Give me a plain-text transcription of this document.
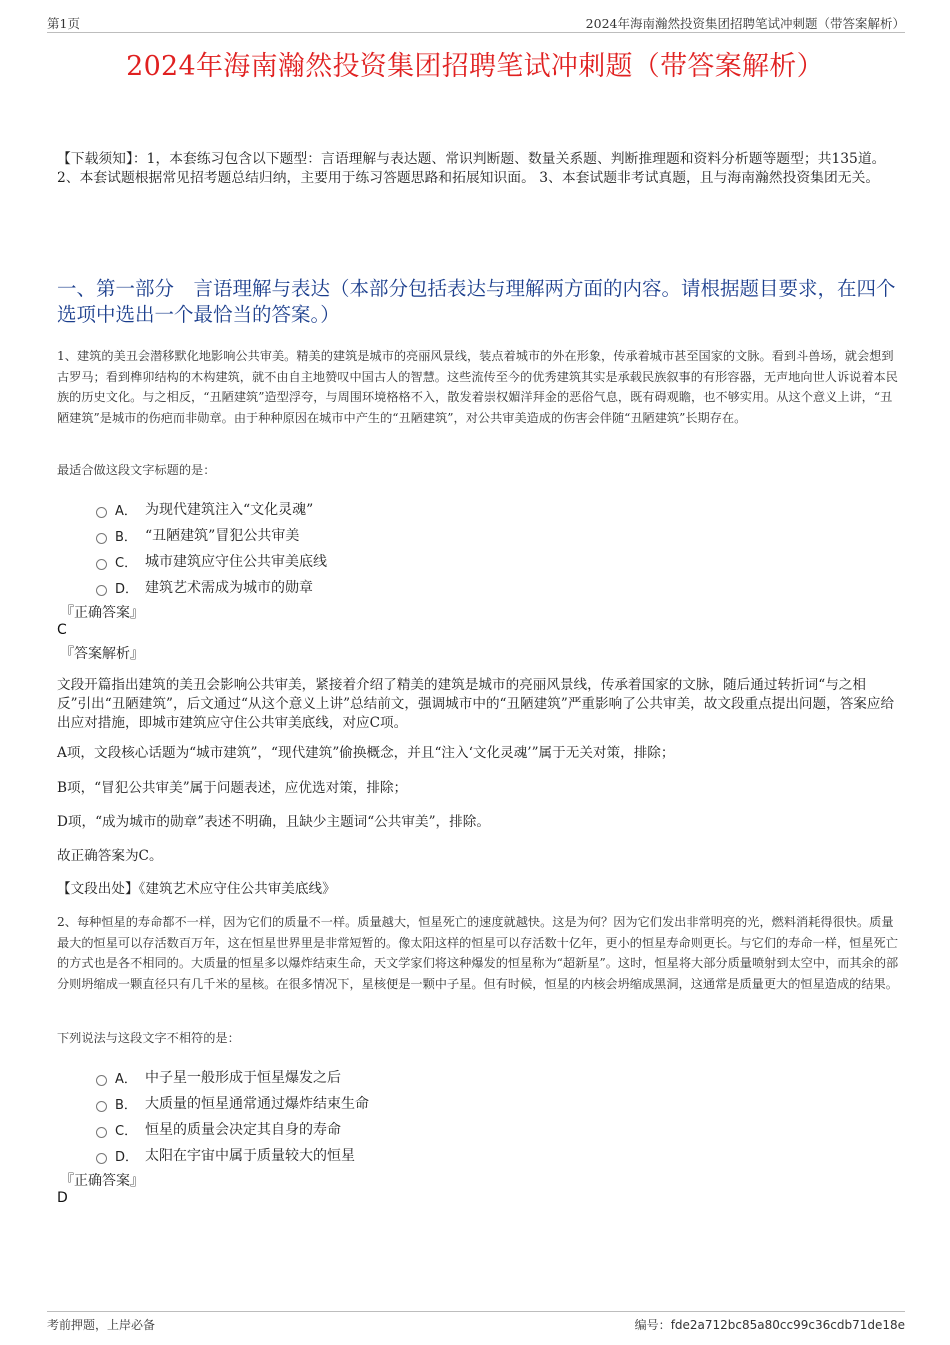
第1页	2024年海南瀚然投资集团招聘笔试冲刺题（带答案解析）
2024年海南瀚然投资集团招聘笔试冲刺题（带答案解析）
【下载须知】：1，本套练习包含以下题型：言语理解与表达题、常识判断题、数量关系题、判断推理题和资料分析题等题型；共135道。 2、本套试题根据常见招考题总结归纳，主要用于练习答题思路和拓展知识面。 3、本套试题非考试真题，且与海南瀚然投资集团无关。
一、第一部分　言语理解与表达（本部分包括表达与理解两方面的内容。请根据题目要求，在四个选项中选出一个最恰当的答案。）
1、建筑的美丑会潜移默化地影响公共审美。精美的建筑是城市的亮丽风景线，装点着城市的外在形象，传承着城市甚至国家的文脉。看到斗兽场，就会想到古罗马；看到榫卯结构的木构建筑，就不由自主地赞叹中国古人的智慧。这些流传至今的优秀建筑其实是承载民族叙事的有形容器，无声地向世人诉说着本民族的历史文化。与之相反，“丑陋建筑”造型浮夸，与周围环境格格不入，散发着崇权媚洋拜金的恶俗气息，既有碍观瞻，也不够实用。从这个意义上讲，“丑陋建筑”是城市的伤疤而非勋章。由于种种原因在城市中产生的“丑陋建筑”，对公共审美造成的伤害会伴随“丑陋建筑”长期存在。
最适合做这段文字标题的是：
A． 为现代建筑注入“文化灵魂”
B． “丑陋建筑”冒犯公共审美
C． 城市建筑应守住公共审美底线
D． 建筑艺术需成为城市的勋章
『正确答案』
C
『答案解析』
文段开篇指出建筑的美丑会影响公共审美，紧接着介绍了精美的建筑是城市的亮丽风景线，传承着国家的文脉，随后通过转折词“与之相反”引出“丑陋建筑”，后文通过“从这个意义上讲”总结前文，强调城市中的“丑陋建筑”严重影响了公共审美，故文段重点提出问题，答案应给出应对措施，即城市建筑应守住公共审美底线，对应C项。
A项，文段核心话题为“城市建筑”，“现代建筑”偷换概念，并且“注入‘文化灵魂’”属于无关对策，排除；
B项，“冒犯公共审美”属于问题表述，应优选对策，排除；
D项，“成为城市的勋章”表述不明确，且缺少主题词“公共审美”，排除。
故正确答案为C。
【文段出处】《建筑艺术应守住公共审美底线》
2、每种恒星的寿命都不一样，因为它们的质量不一样。质量越大，恒星死亡的速度就越快。这是为何？因为它们发出非常明亮的光，燃料消耗得很快。质量最大的恒星可以存活数百万年，这在恒星世界里是非常短暂的。像太阳这样的恒星可以存活数十亿年，更小的恒星寿命则更长。与它们的寿命一样，恒星死亡的方式也是各不相同的。大质量的恒星多以爆炸结束生命，天文学家们将这种爆发的恒星称为“超新星”。这时，恒星将大部分质量喷射到太空中，而其余的部分则坍缩成一颗直径只有几千米的星核。在很多情况下，星核便是一颗中子星。但有时候，恒星的内核会坍缩成黑洞，这通常是质量更大的恒星造成的结果。
下列说法与这段文字不相符的是：
A． 中子星一般形成于恒星爆发之后
B． 大质量的恒星通常通过爆炸结束生命
C． 恒星的质量会决定其自身的寿命
D． 太阳在宇宙中属于质量较大的恒星
『正确答案』
D
考前押题，上岸必备	编号：fde2a712bc85a80cc99c36cdb71de18e
